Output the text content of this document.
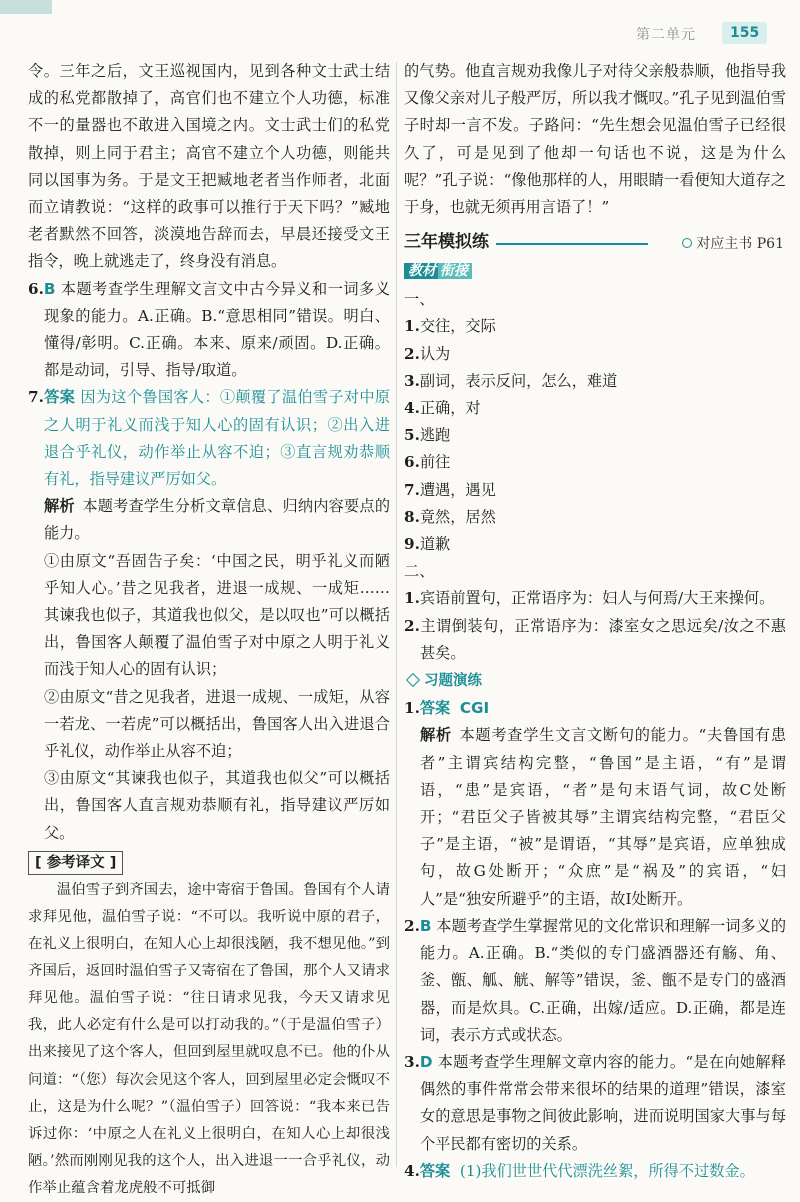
第二单元	155

令。三年之后，文王巡视国内，见到各种文士武士结成的私党都散掉了，高官们也不建立个人功德，标准不一的量器也不敢进入国境之内。文士武士们的私党散掉，则上同于君主；高官不建立个人功德，则能共同以国事为务。于是文王把臧地老者当作师者，北面而立请教说：“这样的政事可以推行于天下吗？”臧地老者默然不回答，淡漠地告辞而去，早晨还接受文王指令，晚上就逃走了，终身没有消息。

6.B 本题考查学生理解文言文中古今异义和一词多义现象的能力。A.正确。B.“意思相同”错误。明白、懂得/彰明。C.正确。本来、原来/顽固。D.正确。都是动词，引导、指导/取道。

7.答案 因为这个鲁国客人：①颠覆了温伯雪子对中原之人明于礼义而浅于知人心的固有认识；②出入进退合乎礼仪，动作举止从容不迫；③直言规劝恭顺有礼，指导建议严厉如父。

解析 本题考查学生分析文章信息、归纳内容要点的能力。

①由原文“吾固告子矣：‘中国之民，明乎礼义而陋乎知人心。’昔之见我者，进退一成规、一成矩……其谏我也似子，其道我也似父，是以叹也”可以概括出，鲁国客人颠覆了温伯雪子对中原之人明于礼义而浅于知人心的固有认识；

②由原文“昔之见我者，进退一成规、一成矩，从容一若龙、一若虎”可以概括出，鲁国客人出入进退合乎礼仪，动作举止从容不迫；

③由原文“其谏我也似子，其道我也似父”可以概括出，鲁国客人直言规劝恭顺有礼，指导建议严厉如父。

[ 参考译文 ]

温伯雪子到齐国去，途中寄宿于鲁国。鲁国有个人请求拜见他，温伯雪子说：“不可以。我听说中原的君子，在礼义上很明白，在知人心上却很浅陋，我不想见他。”到齐国后，返回时温伯雪子又寄宿在了鲁国，那个人又请求拜见他。温伯雪子说：“往日请求见我，今天又请求见我，此人必定有什么是可以打动我的。”（于是温伯雪子）出来接见了这个客人，但回到屋里就叹息不已。他的仆从问道：“（您）每次会见这个客人，回到屋里必定会慨叹不止，这是为什么呢？”（温伯雪子）回答说：“我本来已告诉过你：‘中原之人在礼义上很明白，在知人心上却很浅陋。’然而刚刚见我的这个人，出入进退一一合乎礼仪，动作举止蕴含着龙虎般不可抵御

的气势。他直言规劝我像儿子对待父亲般恭顺，他指导我又像父亲对儿子般严厉，所以我才慨叹。”孔子见到温伯雪子时却一言不发。子路问：“先生想会见温伯雪子已经很久了，可是见到了他却一句话也不说，这是为什么呢？”孔子说：“像他那样的人，用眼睛一看便知大道存之于身，也就无须再用言语了！”

三年模拟练	对应主书 P61
教材 衔接

一、

1.交往，交际

2.认为

3.副词，表示反问，怎么，难道

4.正确，对

5.逃跑

6.前往

7.遭遇，遇见

8.竟然，居然

9.道歉

二、

1.宾语前置句，正常语序为：妇人与何焉/大王来操何。

2.主谓倒装句，正常语序为：漆室女之思远矣/汝之不惠甚矣。

习题演练

1.答案 CGI

解析 本题考查学生文言文断句的能力。“夫鲁国有患者”主谓宾结构完整，“鲁国”是主语，“有”是谓语，“患”是宾语，“者”是句末语气词，故C处断开；“君臣父子皆被其辱”主谓宾结构完整，“君臣父子”是主语，“被”是谓语，“其辱”是宾语，应单独成句，故G处断开；“众庶”是“祸及”的宾语，“妇人”是“独安所避乎”的主语，故I处断开。

2.B 本题考查学生掌握常见的文化常识和理解一词多义的能力。A.正确。B.“类似的专门盛酒器还有觞、角、釜、甑、觚、觥、解等”错误，釜、甑不是专门的盛酒器，而是炊具。C.正确，出嫁/适应。D.正确，都是连词，表示方式或状态。

3.D 本题考查学生理解文章内容的能力。“是在向她解释偶然的事件常常会带来很坏的结果的道理”错误，漆室女的意思是事物之间彼此影响，进而说明国家大事与每个平民都有密切的关系。

4.答案 (1)我们世世代代漂洗丝絮，所得不过数金。
